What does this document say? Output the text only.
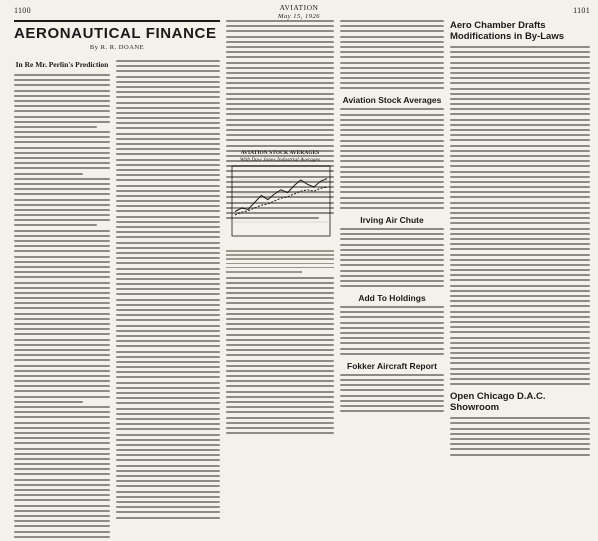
1100	1101
AVIATION
May 15, 1926
AERONAUTICAL FINANCE
By R. R. DOANE
In Re Mr. Perlin's Prediction
AVIATION STOCK AVERAGES
With Dow Jones Industrial Averages
Aviation Stock Averages
Irving Air Chute
Add To Holdings
Fokker Aircraft Report
Aero Chamber Drafts Modifications in By-Laws
Open Chicago D.A.C. Showroom
